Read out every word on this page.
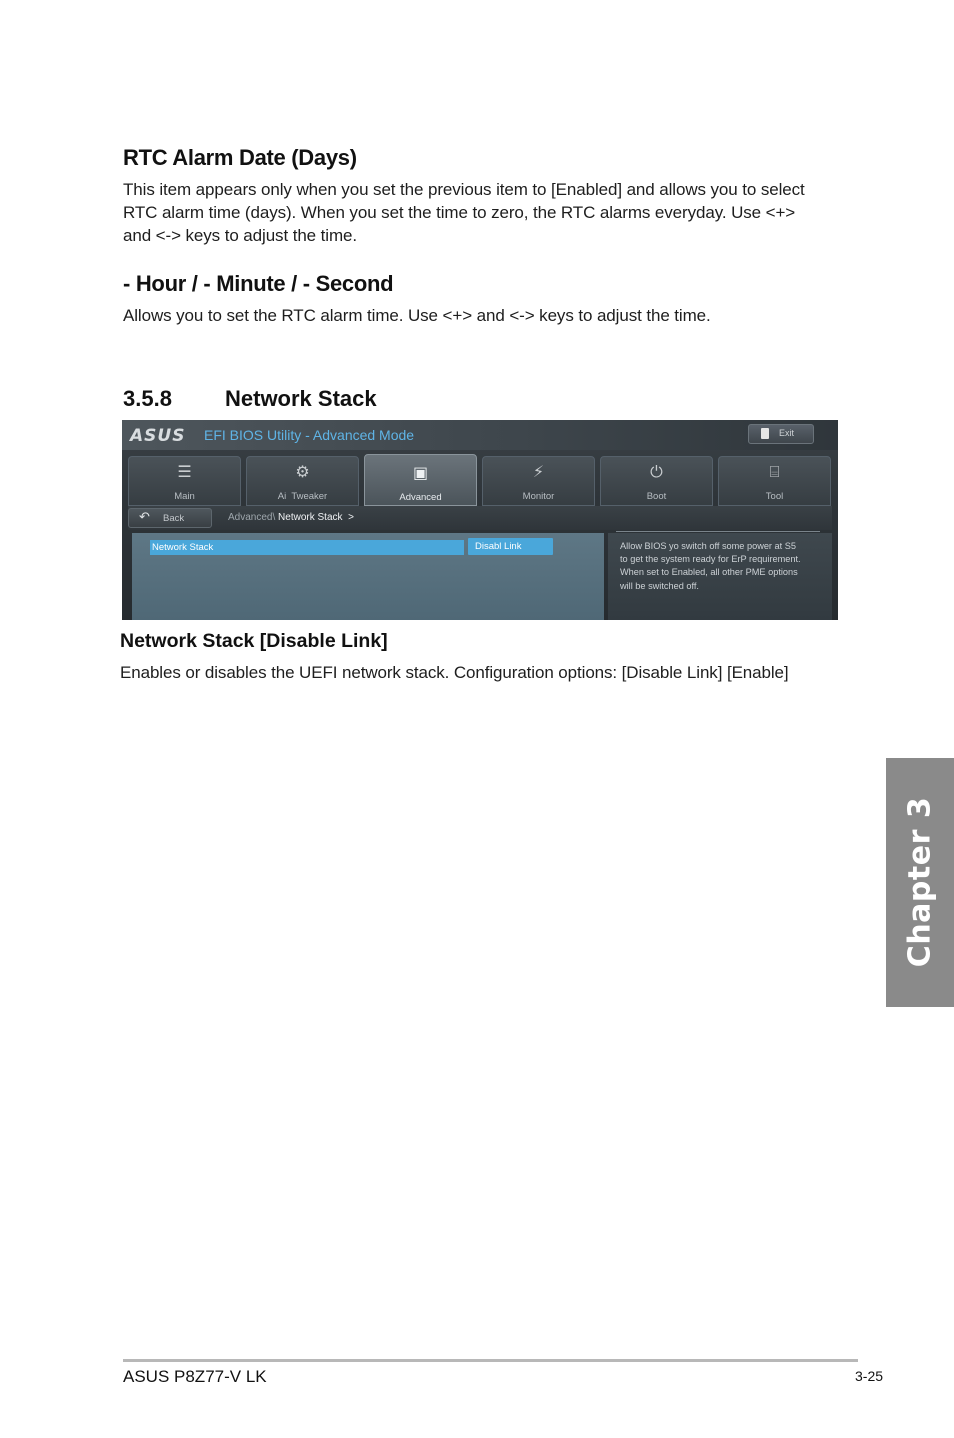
RTC Alarm Date (Days)

This item appears only when you set the previous item to [Enabled] and allows you to select
RTC alarm time (days). When you set the time to zero, the RTC alarms everyday. Use <+>
and <-> keys to adjust the time.

- Hour / - Minute / - Second

Allows you to set the RTC alarm time. Use <+> and <-> keys to adjust the time.

3.5.8 Network Stack
ASUS EFI BIOS Utility - Advanced Mode	Exit
☰
Main
⚙
Ai  Tweaker
▣
Advanced
⚡
Monitor
⏻
Boot
⌸
Tool
↶ Back	Advanced\ Network Stack  >
Network Stack	Disabl Link	Allow BIOS yo switch off some power at S5 to get the system ready for ErP requirement. When set to Enabled, all other PME options will be switched off.
Network Stack [Disable Link]

Enables or disables the UEFI network stack. Configuration options: [Disable Link] [Enable]

Chapter 3
ASUS P8Z77-V LK	3-25
